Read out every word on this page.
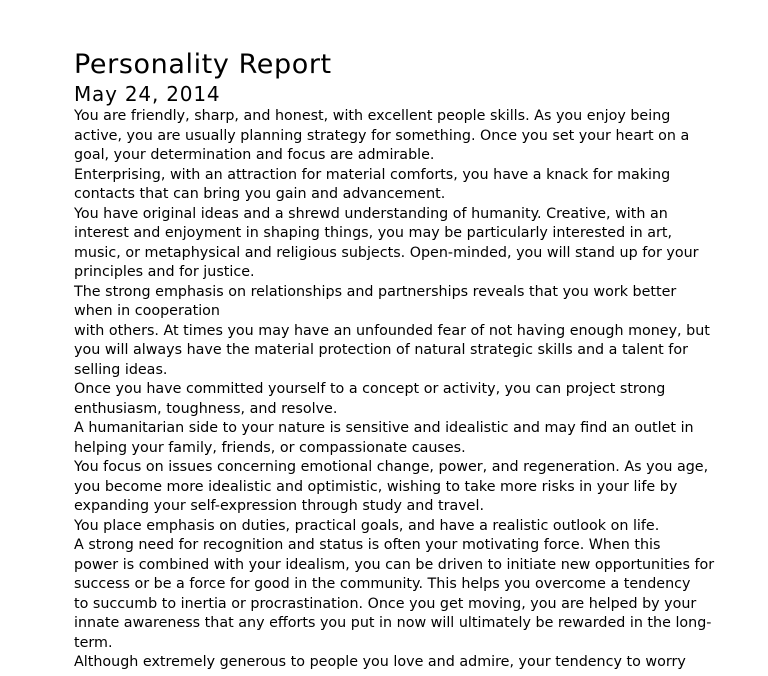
Personality Report
May 24, 2014

You are friendly, sharp, and honest, with excellent people skills. As you enjoy being

active, you are usually planning strategy for something. Once you set your heart on a

goal, your determination and focus are admirable.

Enterprising, with an attraction for material comforts, you have a knack for making

contacts that can bring you gain and advancement.

You have original ideas and a shrewd understanding of humanity. Creative, with an

interest and enjoyment in shaping things, you may be particularly interested in art,

music, or metaphysical and religious subjects. Open-minded, you will stand up for your

principles and for justice.

The strong emphasis on relationships and partnerships reveals that you work better

when in cooperation

with others. At times you may have an unfounded fear of not having enough money, but

you will always have the material protection of natural strategic skills and a talent for

selling ideas.

Once you have committed yourself to a concept or activity, you can project strong

enthusiasm, toughness, and resolve.

A humanitarian side to your nature is sensitive and idealistic and may find an outlet in

helping your family, friends, or compassionate causes.

You focus on issues concerning emotional change, power, and regeneration. As you age,

you become more idealistic and optimistic, wishing to take more risks in your life by

expanding your self-expression through study and travel.

You place emphasis on duties, practical goals, and have a realistic outlook on life.

A strong need for recognition and status is often your motivating force. When this

power is combined with your idealism, you can be driven to initiate new opportunities for

success or be a force for good in the community. This helps you overcome a tendency

to succumb to inertia or procrastination. Once you get moving, you are helped by your

innate awareness that any efforts you put in now will ultimately be rewarded in the long-

term.

Although extremely generous to people you love and admire, your tendency to worry
